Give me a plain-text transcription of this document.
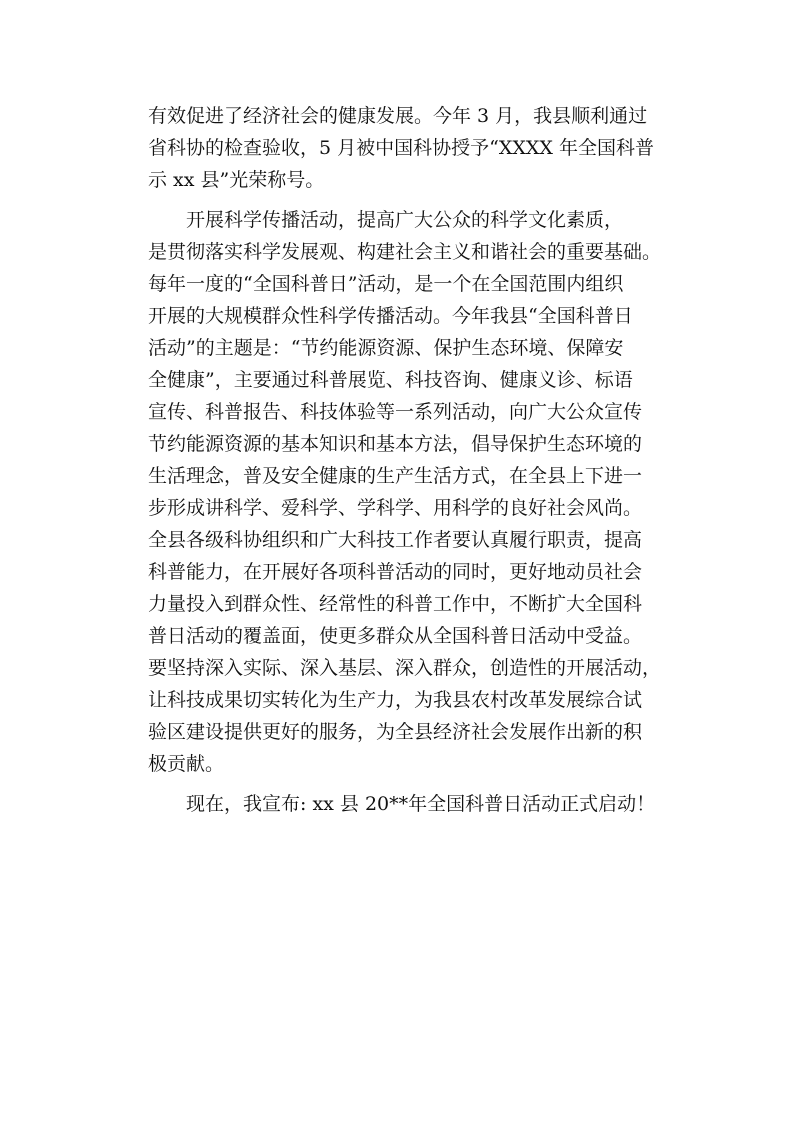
有效促进了经济社会的健康发展。今年 3 月，我县顺利通过
省科协的检查验收，5 月被中国科协授予“XXXX 年全国科普
示 xx 县”光荣称号。
开展科学传播活动，提高广大公众的科学文化素质，
是贯彻落实科学发展观、构建社会主义和谐社会的重要基础。
每年一度的“全国科普日”活动，是一个在全国范围内组织
开展的大规模群众性科学传播活动。今年我县“全国科普日
活动”的主题是：“节约能源资源、保护生态环境、保障安
全健康”，主要通过科普展览、科技咨询、健康义诊、标语
宣传、科普报告、科技体验等一系列活动，向广大公众宣传
节约能源资源的基本知识和基本方法，倡导保护生态环境的
生活理念，普及安全健康的生产生活方式，在全县上下进一
步形成讲科学、爱科学、学科学、用科学的良好社会风尚。
全县各级科协组织和广大科技工作者要认真履行职责，提高
科普能力，在开展好各项科普活动的同时，更好地动员社会
力量投入到群众性、经常性的科普工作中，不断扩大全国科
普日活动的覆盖面，使更多群众从全国科普日活动中受益。
要坚持深入实际、深入基层、深入群众，创造性的开展活动，
让科技成果切实转化为生产力，为我县农村改革发展综合试
验区建设提供更好的服务，为全县经济社会发展作出新的积
极贡献。
现在，我宣布: xx 县 20**年全国科普日活动正式启动！
